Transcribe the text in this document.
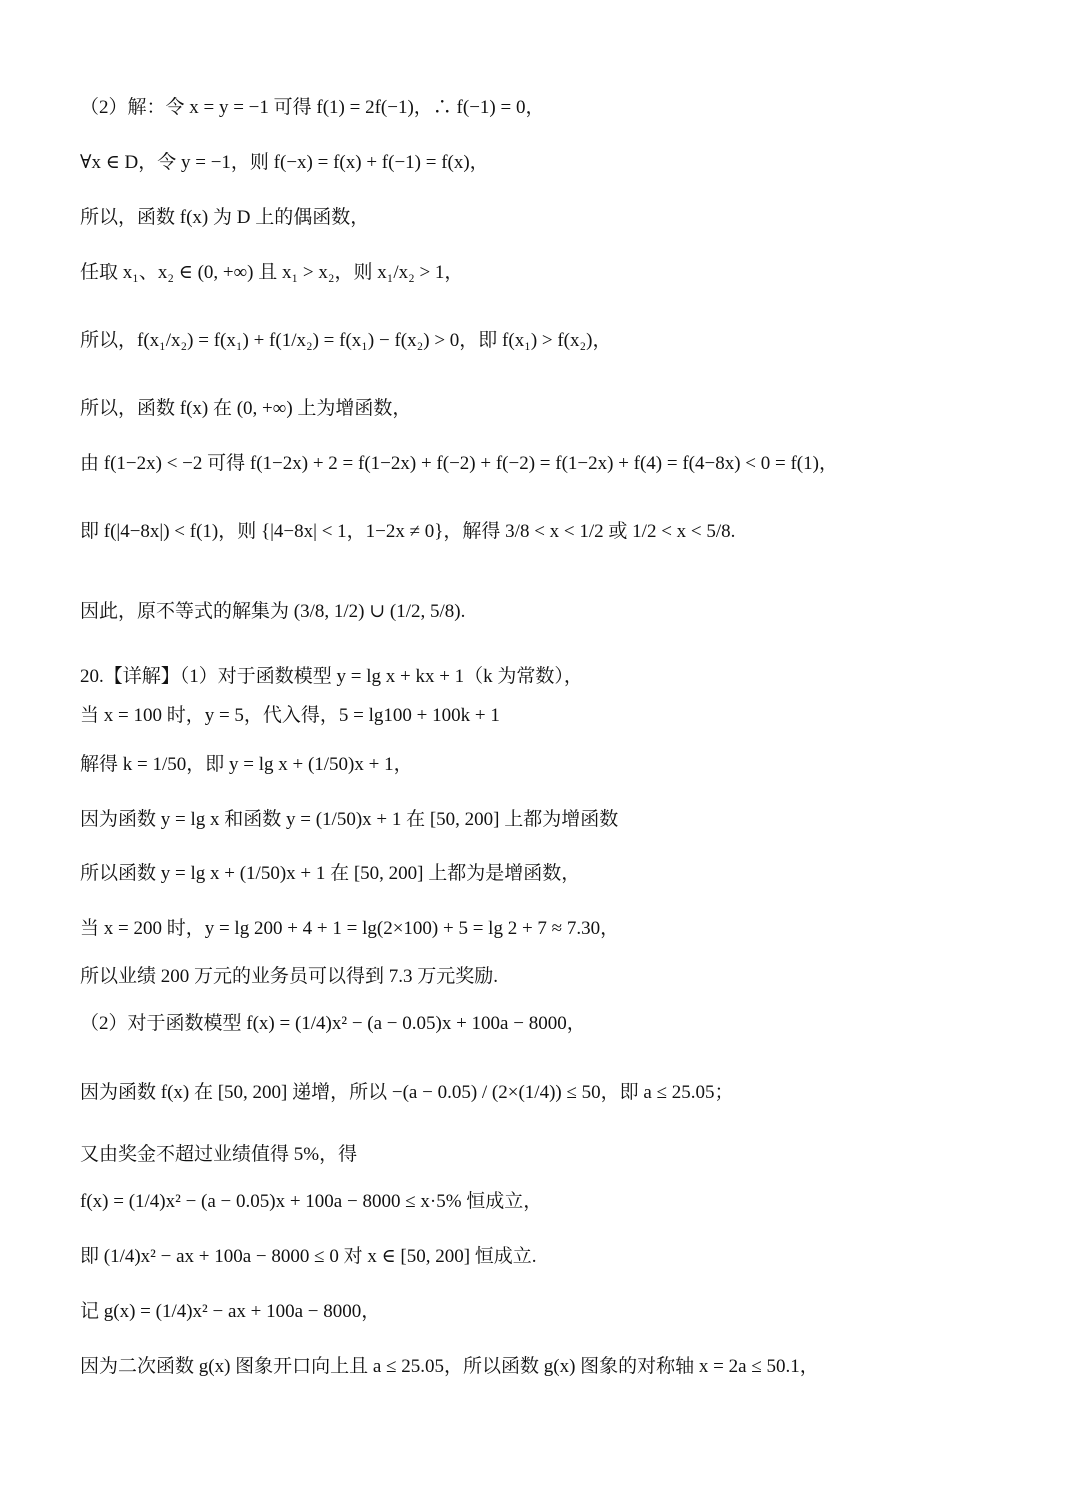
（2）解：令 x = y = −1 可得 f(1) = 2f(−1)，∴ f(−1) = 0，
∀x ∈ D，令 y = −1，则 f(−x) = f(x) + f(−1) = f(x)，
所以，函数 f(x) 为 D 上的偶函数，
任取 x₁、x₂ ∈ (0, +∞) 且 x₁ > x₂，则 x₁/x₂ > 1，
所以，f(x₁/x₂) = f(x₁) + f(1/x₂) = f(x₁) − f(x₂) > 0，即 f(x₁) > f(x₂)，
所以，函数 f(x) 在 (0, +∞) 上为增函数，
由 f(1−2x) < −2 可得 f(1−2x) + 2 = f(1−2x) + f(−2) + f(−2) = f(1−2x) + f(4) = f(4−8x) < 0 = f(1)，
即 f(|4−8x|) < f(1)，则 {|4−8x| < 1，1−2x ≠ 0}，解得 3/8 < x < 1/2 或 1/2 < x < 5/8.
因此，原不等式的解集为 (3/8, 1/2) ∪ (1/2, 5/8).
20.【详解】（1）对于函数模型 y = lg x + kx + 1（k 为常数），
当 x = 100 时，y = 5，代入得，5 = lg100 + 100k + 1
解得 k = 1/50，即 y = lg x + (1/50)x + 1，
因为函数 y = lg x 和函数 y = (1/50)x + 1 在 [50, 200] 上都为增函数
所以函数 y = lg x + (1/50)x + 1 在 [50, 200] 上都为是增函数，
当 x = 200 时，y = lg 200 + 4 + 1 = lg(2×100) + 5 = lg 2 + 7 ≈ 7.30，
所以业绩 200 万元的业务员可以得到 7.3 万元奖励.
（2）对于函数模型 f(x) = (1/4)x² − (a − 0.05)x + 100a − 8000，
因为函数 f(x) 在 [50, 200] 递增，所以 −(a − 0.05) / (2×(1/4)) ≤ 50，即 a ≤ 25.05；
又由奖金不超过业绩值得 5%，得
f(x) = (1/4)x² − (a − 0.05)x + 100a − 8000 ≤ x·5% 恒成立，
即 (1/4)x² − ax + 100a − 8000 ≤ 0 对 x ∈ [50, 200] 恒成立.
记 g(x) = (1/4)x² − ax + 100a − 8000，
因为二次函数 g(x) 图象开口向上且 a ≤ 25.05，所以函数 g(x) 图象的对称轴 x = 2a ≤ 50.1，
